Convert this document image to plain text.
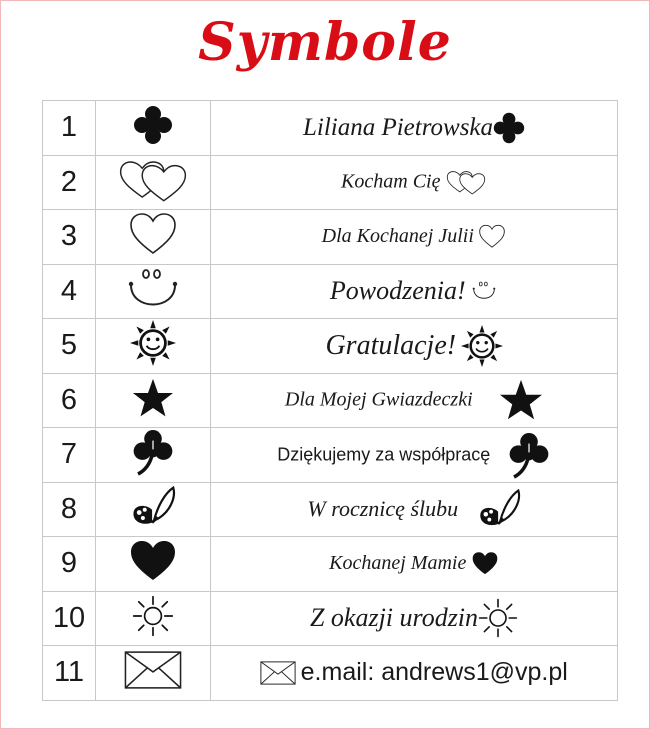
Symbole
1		Liliana Pietrowska
2		Kocham Cię
3		Dla Kochanej Julii
4		Powodzenia!
5		Gratulacje!
6		Dla Mojej Gwiazdeczki
7		Dziękujemy za współpracę
8		W rocznicę ślubu
9		Kochanej Mamie
10		Z okazji urodzin
11		e.mail: andrews1@vp.pl
